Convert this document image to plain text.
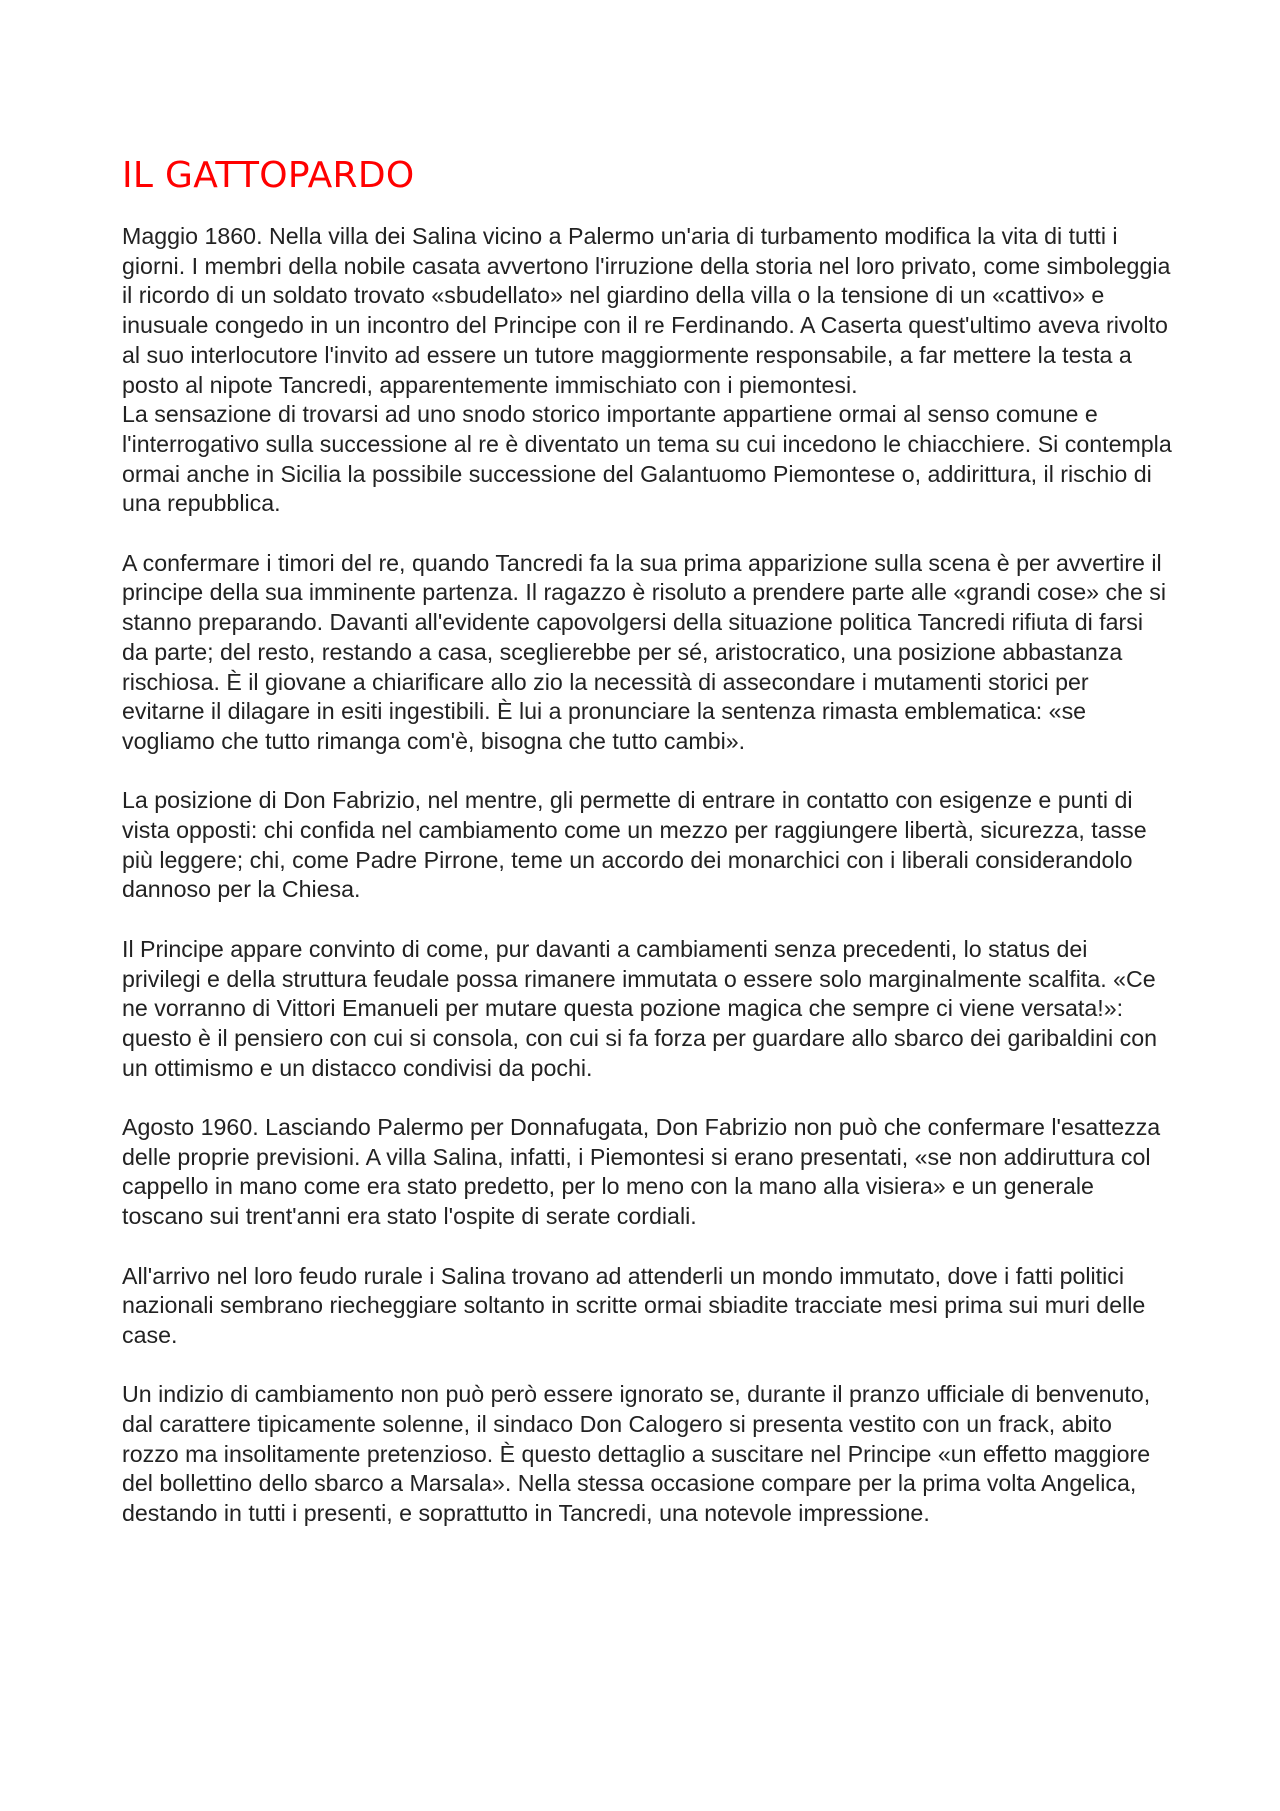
IL GATTOPARDO

Maggio 1860. Nella villa dei Salina vicino a Palermo un'aria di turbamento modifica la vita di tutti i giorni. I membri della nobile casata avvertono l'irruzione della storia nel loro privato, come simboleggia il ricordo di un soldato trovato «sbudellato» nel giardino della villa o la tensione di un «cattivo» e inusuale congedo in un incontro del Principe con il re Ferdinando. A Caserta quest'ultimo aveva rivolto al suo interlocutore l'invito ad essere un tutore maggiormente responsabile, a far mettere la testa a posto al nipote Tancredi, apparentemente immischiato con i piemontesi.

La sensazione di trovarsi ad uno snodo storico importante appartiene ormai al senso comune e l'interrogativo sulla successione al re è diventato un tema su cui incedono le chiacchiere. Si contempla ormai anche in Sicilia la possibile successione del Galantuomo Piemontese o, addirittura, il rischio di una repubblica.

A confermare i timori del re, quando Tancredi fa la sua prima apparizione sulla scena è per avvertire il principe della sua imminente partenza. Il ragazzo è risoluto a prendere parte alle «grandi cose» che si stanno preparando. Davanti all'evidente capovolgersi della situazione politica Tancredi rifiuta di farsi da parte; del resto, restando a casa, sceglierebbe per sé, aristocratico, una posizione abbastanza rischiosa. È il giovane a chiarificare allo zio la necessità di assecondare i mutamenti storici per evitarne il dilagare in esiti ingestibili. È lui a pronunciare la sentenza rimasta emblematica: «se vogliamo che tutto rimanga com'è, bisogna che tutto cambi».

La posizione di Don Fabrizio, nel mentre, gli permette di entrare in contatto con esigenze e punti di vista opposti: chi confida nel cambiamento come un mezzo per raggiungere libertà, sicurezza, tasse più leggere; chi, come Padre Pirrone, teme un accordo dei monarchici con i liberali considerandolo dannoso per la Chiesa.

Il Principe appare convinto di come, pur davanti a cambiamenti senza precedenti, lo status dei privilegi e della struttura feudale possa rimanere immutata o essere solo marginalmente scalfita. «Ce ne vorranno di Vittori Emanueli per mutare questa pozione magica che sempre ci viene versata!»: questo è il pensiero con cui si consola, con cui si fa forza per guardare allo sbarco dei garibaldini con un ottimismo e un distacco condivisi da pochi.

Agosto 1960. Lasciando Palermo per Donnafugata, Don Fabrizio non può che confermare l'esattezza delle proprie previsioni. A villa Salina, infatti, i Piemontesi si erano presentati, «se non addiruttura col cappello in mano come era stato predetto, per lo meno con la mano alla visiera» e un generale toscano sui trent'anni era stato l'ospite di serate cordiali.

All'arrivo nel loro feudo rurale i Salina trovano ad attenderli un mondo immutato, dove i fatti politici nazionali sembrano riecheggiare soltanto in scritte ormai sbiadite tracciate mesi prima sui muri delle case.

Un indizio di cambiamento non può però essere ignorato se, durante il pranzo ufficiale di benvenuto, dal carattere tipicamente solenne, il sindaco Don Calogero si presenta vestito con un frack, abito rozzo ma insolitamente pretenzioso. È questo dettaglio a suscitare nel Principe «un effetto maggiore del bollettino dello sbarco a Marsala». Nella stessa occasione compare per la prima volta Angelica, destando in tutti i presenti, e soprattutto in Tancredi, una notevole impressione.
